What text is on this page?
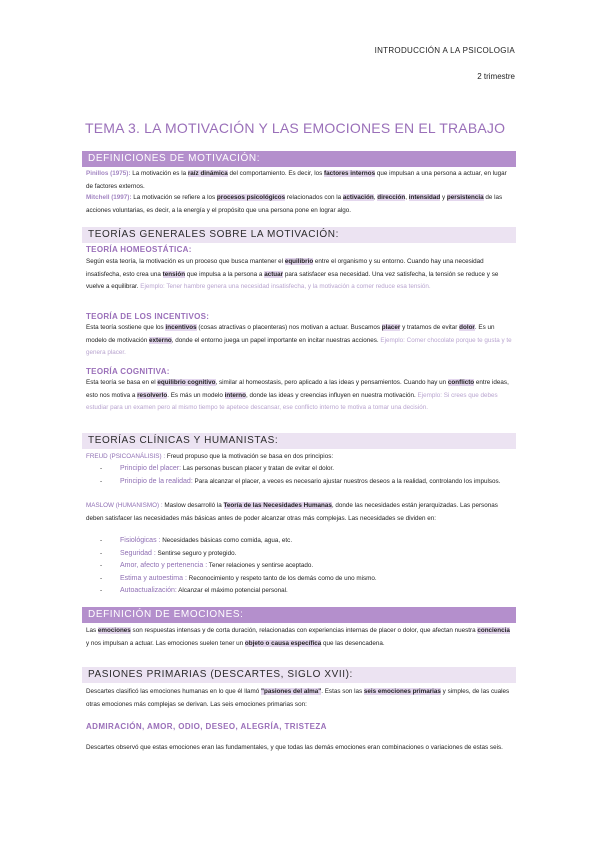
INTRODUCCIÓN A LA PSICOLOGIA
2 trimestre
TEMA 3. LA MOTIVACIÓN Y LAS EMOCIONES EN EL TRABAJO
DEFINICIONES DE MOTIVACIÓN:
Pinillos (1975): La motivación es la raíz dinámica del comportamiento. Es decir, los factores internos que impulsan a una persona a actuar, en lugar de factores externos.
Mitchell (1997): La motivación se refiere a los procesos psicológicos relacionados con la activación, dirección, intensidad y persistencia de las acciones voluntarias, es decir, a la energía y el propósito que una persona pone en lograr algo.
TEORÍAS GENERALES SOBRE LA MOTIVACIÓN:
TEORÍA HOMEOSTÁTICA:
Según esta teoría, la motivación es un proceso que busca mantener el equilibrio entre el organismo y su entorno. Cuando hay una necesidad insatisfecha, esto crea una tensión que impulsa a la persona a actuar para satisfacer esa necesidad. Una vez satisfecha, la tensión se reduce y se vuelve a equilibrar. Ejemplo: Tener hambre genera una necesidad insatisfecha, y la motivación a comer reduce esa tensión.
TEORÍA DE LOS INCENTIVOS:
Esta teoría sostiene que los incentivos (cosas atractivas o placenteras) nos motivan a actuar. Buscamos placer y tratamos de evitar dolor. Es un modelo de motivación externo, donde el entorno juega un papel importante en incitar nuestras acciones. Ejemplo: Comer chocolate porque te gusta y te genera placer.
TEORÍA COGNITIVA:
Esta teoría se basa en el equilibrio cognitivo, similar al homeostasis, pero aplicado a las ideas y pensamientos. Cuando hay un conflicto entre ideas, esto nos motiva a resolverlo. Es más un modelo interno, donde las ideas y creencias influyen en nuestra motivación. Ejemplo: Si crees que debes estudiar para un examen pero al mismo tiempo te apetece descansar, ese conflicto interno te motiva a tomar una decisión.
TEORÍAS CLÍNICAS Y HUMANISTAS:
FREUD (PSICOANÁLISIS) : Freud propuso que la motivación se basa en dos principios:
-	Principio del placer: Las personas buscan placer y tratan de evitar el dolor.
-	Principio de la realidad: Para alcanzar el placer, a veces es necesario ajustar nuestros deseos a la realidad, controlando los impulsos.
MASLOW (HUMANISMO) : Maslow desarrolló la Teoría de las Necesidades Humanas, donde las necesidades están jerarquizadas. Las personas deben satisfacer las necesidades más básicas antes de poder alcanzar otras más complejas. Las necesidades se dividen en:
-	Fisiológicas : Necesidades básicas como comida, agua, etc.
-	Seguridad : Sentirse seguro y protegido.
-	Amor, afecto y pertenencia : Tener relaciones y sentirse aceptado.
-	Estima y autoestima : Reconocimiento y respeto tanto de los demás como de uno mismo.
-	Autoactualización: Alcanzar el máximo potencial personal.
DEFINICIÓN DE EMOCIONES:
Las emociones son respuestas intensas y de corta duración, relacionadas con experiencias internas de placer o dolor, que afectan nuestra conciencia y nos impulsan a actuar. Las emociones suelen tener un objeto o causa específica que las desencadena.
PASIONES PRIMARIAS (DESCARTES, SIGLO XVII):
Descartes clasificó las emociones humanas en lo que él llamó "pasiones del alma". Estas son las seis emociones primarias y simples, de las cuales otras emociones más complejas se derivan. Las seis emociones primarias son:
ADMIRACIÓN, AMOR, ODIO, DESEO, ALEGRÍA, TRISTEZA
Descartes observó que estas emociones eran las fundamentales, y que todas las demás emociones eran combinaciones o variaciones de estas seis.
